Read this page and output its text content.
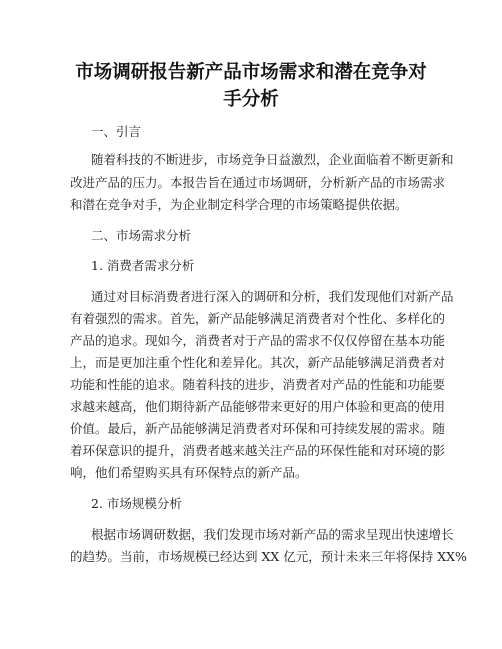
市场调研报告新产品市场需求和潜在竞争对
手分析
一、引言
随着科技的不断进步，市场竞争日益激烈，企业面临着不断更新和
改进产品的压力。本报告旨在通过市场调研，分析新产品的市场需求
和潜在竞争对手，为企业制定科学合理的市场策略提供依据。
二、市场需求分析
1. 消费者需求分析
通过对目标消费者进行深入的调研和分析，我们发现他们对新产品
有着强烈的需求。首先，新产品能够满足消费者对个性化、多样化的
产品的追求。现如今，消费者对于产品的需求不仅仅停留在基本功能
上，而是更加注重个性化和差异化。其次，新产品能够满足消费者对
功能和性能的追求。随着科技的进步，消费者对产品的性能和功能要
求越来越高，他们期待新产品能够带来更好的用户体验和更高的使用
价值。最后，新产品能够满足消费者对环保和可持续发展的需求。随
着环保意识的提升，消费者越来越关注产品的环保性能和对环境的影
响，他们希望购买具有环保特点的新产品。
2. 市场规模分析
根据市场调研数据，我们发现市场对新产品的需求呈现出快速增长
的趋势。当前，市场规模已经达到 XX 亿元，预计未来三年将保持 XX%
